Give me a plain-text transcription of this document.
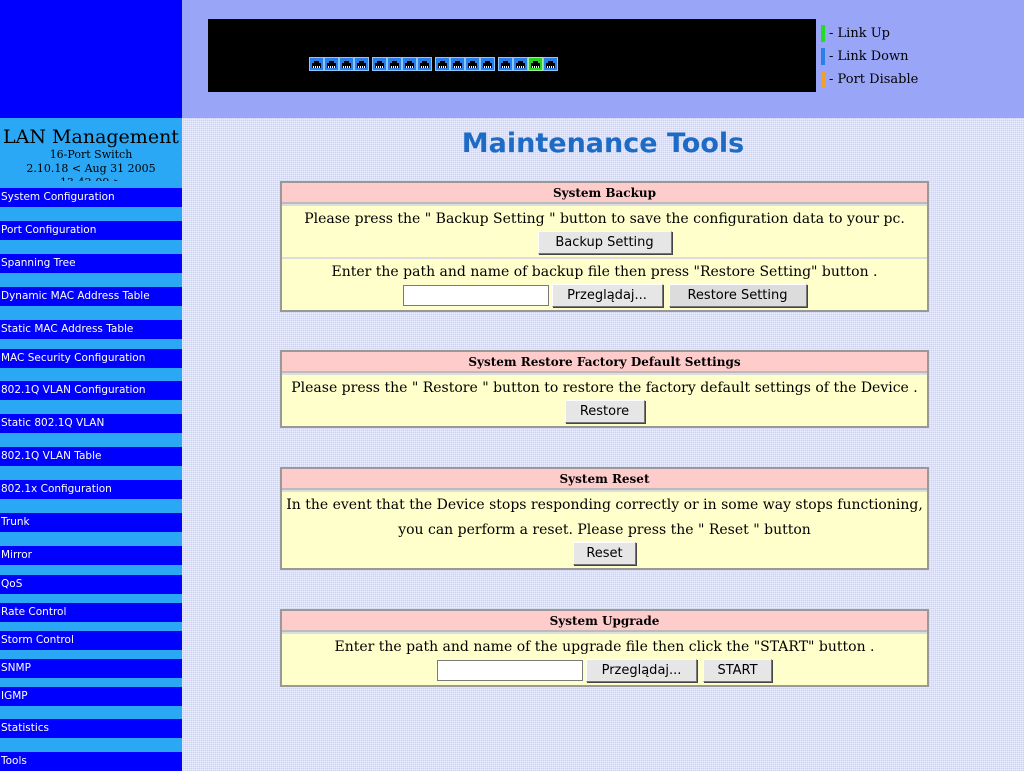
LAN Management
16-Port Switch
2.10.18 < Aug 31 2005
System Configuration
Port Configuration
Spanning Tree
Dynamic MAC Address Table
Static MAC Address Table
MAC Security Configuration
802.1Q VLAN Configuration
Static 802.1Q VLAN
802.1Q VLAN Table
802.1x Configuration
Trunk
Mirror
QoS
Rate Control
Storm Control
SNMP
IGMP
Statistics
Tools
- Link Up
- Link Down
- Port Disable
Maintenance Tools
System Backup
Please press the " Backup Setting " button to save the configuration data to your pc.
Backup Setting
Enter the path and name of backup file then press "Restore Setting" button .
Przeglądaj...	Restore Setting
System Restore Factory Default Settings
Please press the " Restore " button to restore the factory default settings of the Device .
Restore
System Reset
In the event that the Device stops responding correctly or in some way stops functioning,
you can perform a reset. Please press the " Reset " button
Reset
System Upgrade
Enter the path and name of the upgrade file then click the "START" button .
Przeglądaj...	START
